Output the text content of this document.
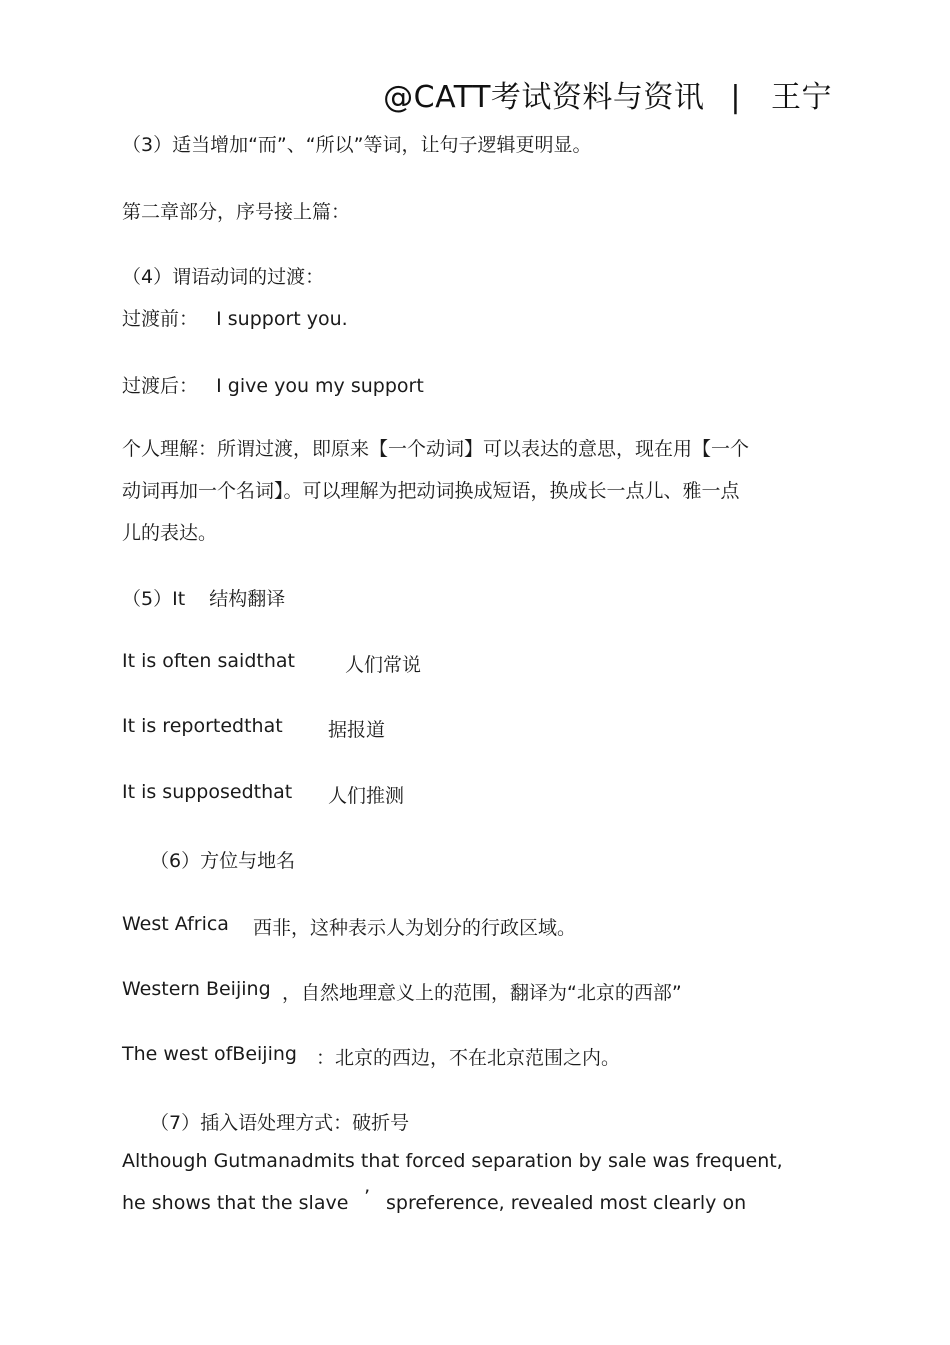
@CATT考试资料与资讯 | 王宁
（3）适当增加“而”、“所以”等词，让句子逻辑更明显。
第二章部分，序号接上篇：
（4）谓语动词的过渡：
过渡前：   I support you.
过渡后：   I give you my support
个人理解：所谓过渡，即原来【一个动词】可以表达的意思，现在用【一个
动词再加一个名词】。可以理解为把动词换成短语，换成长一点儿、雅一点
儿的表达。
（5）It    结构翻译
It is often saidthat	人们常说
It is reportedthat 据报道
It is supposedthat 人们推测
（6）方位与地名
West Africa 西非，这种表示人为划分的行政区域。
Western Beijing ，自然地理意义上的范围，翻译为“北京的西部”
The west ofBeijing ：北京的西边，不在北京范围之内。
（7）插入语处理方式：破折号
Although Gutmanadmits that forced separation by sale was frequent,
he shows that the slave ’ spreference, revealed most clearly on
